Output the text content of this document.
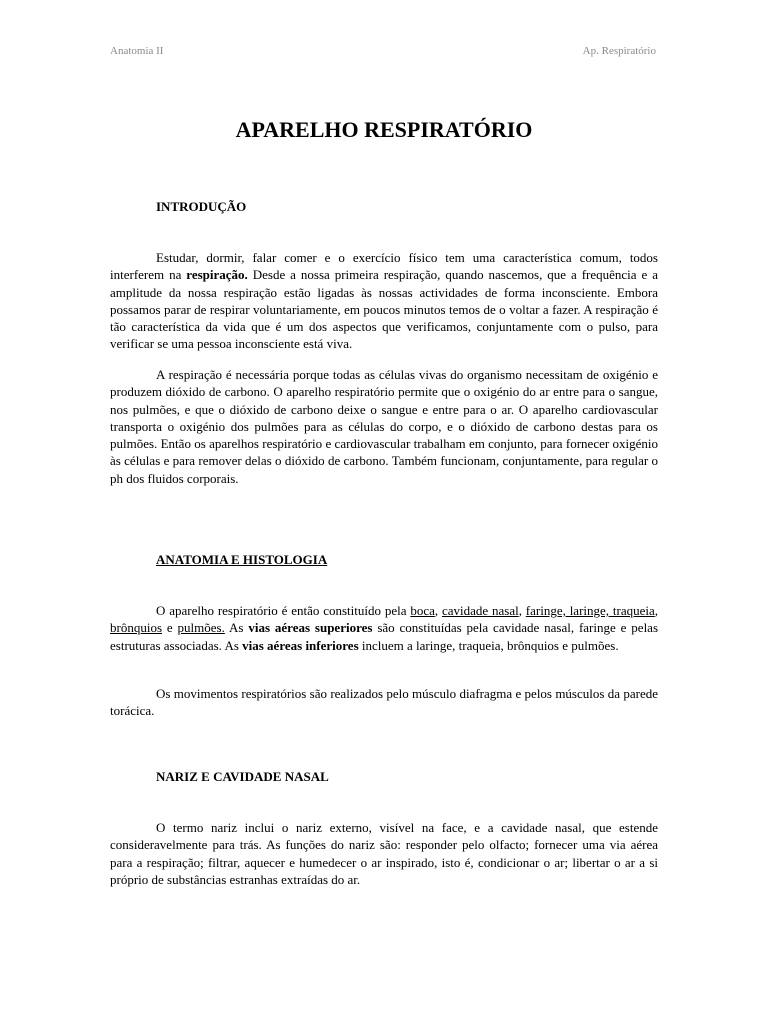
Anatomia II	Ap. Respiratório
APARELHO RESPIRATÓRIO
INTRODUÇÃO

Estudar, dormir, falar comer e o exercício físico tem uma característica comum, todos interferem na respiração. Desde a nossa primeira respiração, quando nascemos, que a frequência e a amplitude da nossa respiração estão ligadas às nossas actividades de forma inconsciente. Embora possamos parar de respirar voluntariamente, em poucos minutos temos de o voltar a fazer. A respiração é tão característica da vida que é um dos aspectos que verificamos, conjuntamente com o pulso, para verificar se uma pessoa inconsciente está viva.

A respiração é necessária porque todas as células vivas do organismo necessitam de oxigénio e produzem dióxido de carbono. O aparelho respiratório permite que o oxigénio do ar entre para o sangue, nos pulmões, e que o dióxido de carbono deixe o sangue e entre para o ar. O aparelho cardiovascular transporta o oxigénio dos pulmões para as células do corpo, e o dióxido de carbono destas para os pulmões. Então os aparelhos respiratório e cardiovascular trabalham em conjunto, para fornecer oxigénio às células e para remover delas o dióxido de carbono. Também funcionam, conjuntamente, para regular o ph dos fluidos corporais.

ANATOMIA E HISTOLOGIA

O aparelho respiratório é então constituído pela boca, cavidade nasal, faringe, laringe, traqueia, brônquios e pulmões. As vias aéreas superiores são constituídas pela cavidade nasal, faringe e pelas estruturas associadas. As vias aéreas inferiores incluem a laringe, traqueia, brônquios e pulmões.

Os movimentos respiratórios são realizados pelo músculo diafragma e pelos músculos da parede torácica.

NARIZ E CAVIDADE NASAL

O termo nariz inclui o nariz externo, visível na face, e a cavidade nasal, que estende consideravelmente para trás. As funções do nariz são: responder pelo olfacto; fornecer uma via aérea para a respiração; filtrar, aquecer e humedecer o ar inspirado, isto é, condicionar o ar; libertar o ar a si próprio de substâncias estranhas extraídas do ar.
